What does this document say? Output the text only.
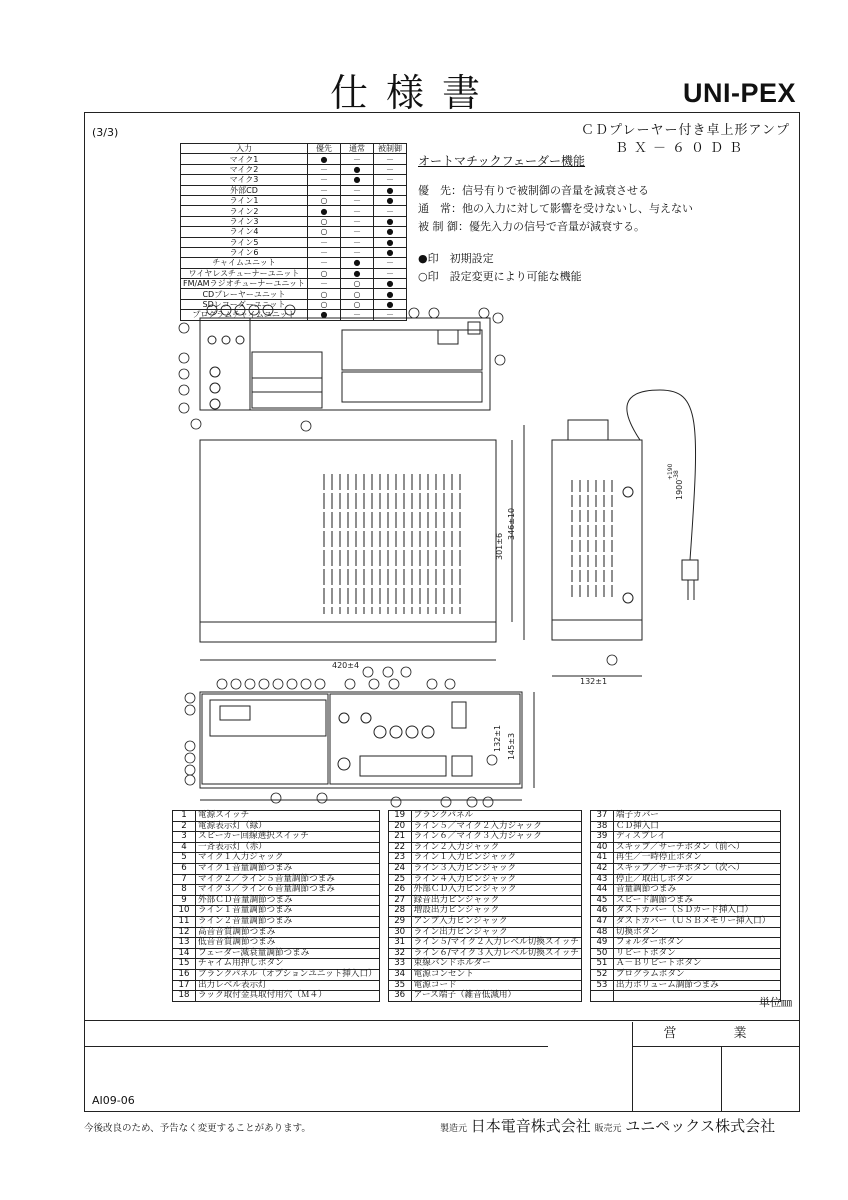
仕様書	UNI-PEX
(3/3)	ＣＤプレーヤー付き卓上形アンプ
ＢＸ－６０ＤＢ
入力	優先	通常	被制御
マイク1	●	－	－
マイク2	－	●	－
マイク3	－	●	－
外部CD	－	－	●
ライン1	○	－	●
ライン2	●	－	－
ライン3	○	－	●
ライン4	○	－	●
ライン5	－	－	●
ライン6	－	－	●
チャイムユニット	－	●	－
ワイヤレスチューナーユニット	○	●	－
FM/AMラジオチューナーユニット	－	○	●
CDプレーヤーユニット	○	○	●
SDレコーダーユニット	○	○	●
プログラムチャイムユニット	●	－	－
オートマチックフェーダー機能
優　先：信号有りで被制御の音量を減衰させる
通　常：他の入力に対して影響を受けないし、与えない
被 制 御：優先入力の信号で音量が減衰する。
●印　初期設定
○印　設定変更により可能な機能
301±6
346±10
420±4
132±1
1900
+190 -38
132±1 145±3
1	電源スイッチ		19	ブランクパネル		37	端子カバー
2	電源表示灯（緑）		20	ライン５／マイク２入力ジャック		38	ＣＤ挿入口
3	スピーカー回線選択スイッチ		21	ライン６／マイク３入力ジャック		39	ディスプレイ
4	一斉表示灯（赤）		22	ライン２入力ジャック		40	スキップ／サーチボタン（前へ）
5	マイク１入力ジャック		23	ライン１入力ピンジャック		41	再生／一時停止ボタン
6	マイク１音量調節つまみ		24	ライン３入力ピンジャック		42	スキップ／サーチボタン（次へ）
7	マイク２／ライン５音量調節つまみ		25	ライン４入力ピンジャック		43	停止／取出しボタン
8	マイク３／ライン６音量調節つまみ		26	外部ＣＤ入力ピンジャック		44	音量調節つまみ
9	外部ＣＤ音量調節つまみ		27	録音出力ピンジャック		45	スピード調節つまみ
10	ライン１音量調節つまみ		28	増設出力ピンジャック		46	ダストカバー（ＳＤカード挿入口）
11	ライン２音量調節つまみ		29	アンプ入力ピンジャック		47	ダストカバー（ＵＳＢメモリー挿入口）
12	高音音質調節つまみ		30	ライン出力ピンジャック		48	切換ボタン
13	低音音質調節つまみ		31	ライン５/マイク２入力レベル切換スイッチ		49	フォルダーボタン
14	フェーダー減衰量調節つまみ		32	ライン６/マイク３入力レベル切換スイッチ		50	リピートボタン
15	チャイム用押しボタン		33	束線バンドホルダー		51	Ａ－Ｂリピートボタン
16	ブランクパネル（オプションユニット挿入口）		34	電源コンセント		52	プログラムボタン
17	出力レベル表示灯		35	電源コード		53	出力ボリューム調節つまみ
18	ラック取付金具取付用穴（Ｍ４）		36	アース端子（雑音低減用）			
単位㎜
営　業
AI09-06
今後改良のため、予告なく変更することがあります。	製造元 日本電音株式会社 販売元 ユニペックス株式会社
